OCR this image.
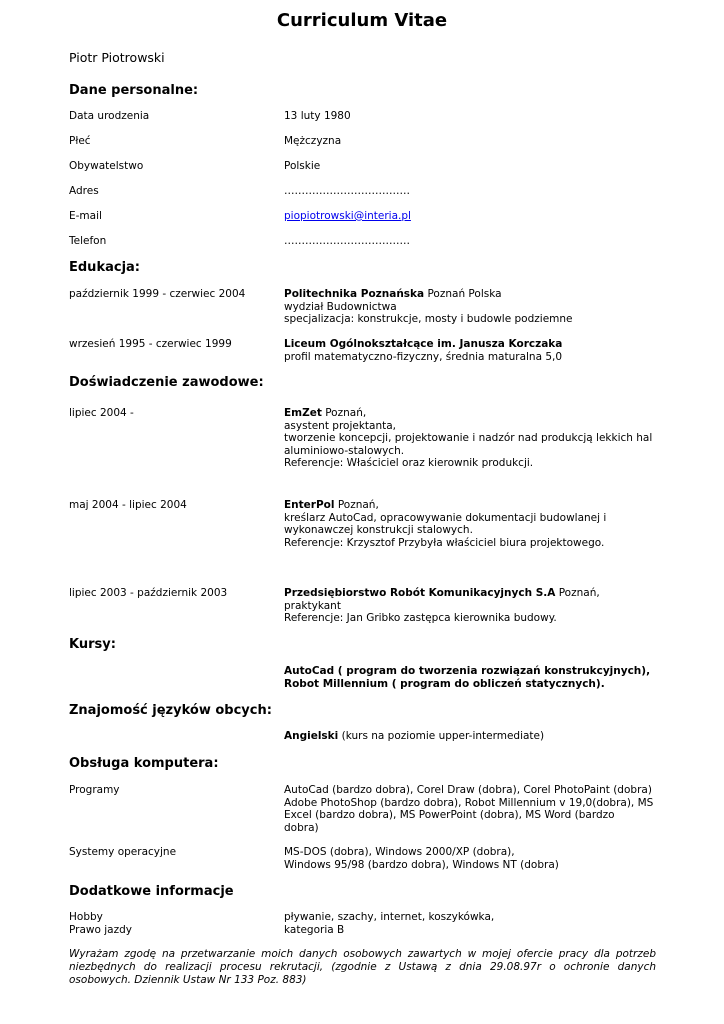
Curriculum Vitae
Piotr Piotrowski
Dane personalne:
Data urodzenia	13 luty 1980
Płeć	Mężczyzna
Obywatelstwo	Polskie
Adres	………………………………
E-mail	piopiotrowski@interia.pl
Telefon	………………………………
Edukacja:
październik 1999 - czerwiec 2004	Politechnika Poznańska Poznań Polska
wydział Budownictwa
specjalizacja: konstrukcje, mosty i budowle podziemne
wrzesień 1995 - czerwiec 1999	Liceum Ogólnokształcące im. Janusza Korczaka
profil matematyczno-fizyczny, średnia maturalna 5,0
Doświadczenie zawodowe:
lipiec 2004 -	EmZet Poznań,
asystent projektanta,
tworzenie koncepcji, projektowanie i nadzór nad produkcją lekkich hal
aluminiowo-stalowych.
Referencje: Właściciel oraz kierownik produkcji.
maj 2004 - lipiec 2004	EnterPol Poznań,
kreślarz AutoCad, opracowywanie dokumentacji budowlanej i
wykonawczej konstrukcji stalowych.
Referencje: Krzysztof Przybyła właściciel biura projektowego.
lipiec 2003 - październik 2003	Przedsiębiorstwo Robót Komunikacyjnych S.A Poznań,
praktykant
Referencje: Jan Gribko zastępca kierownika budowy.
Kursy:
AutoCad ( program do tworzenia rozwiązań konstrukcyjnych),
Robot Millennium ( program do obliczeń statycznych).
Znajomość języków obcych:
Angielski (kurs na poziomie upper-intermediate)
Obsługa komputera:
Programy	AutoCad (bardzo dobra), Corel Draw (dobra), Corel PhotoPaint (dobra)
Adobe PhotoShop (bardzo dobra), Robot Millennium v 19,0(dobra), MS
Excel (bardzo dobra), MS PowerPoint (dobra), MS Word (bardzo
dobra)
Systemy operacyjne	MS-DOS (dobra), Windows 2000/XP (dobra),
Windows 95/98 (bardzo dobra), Windows NT (dobra)
Dodatkowe informacje
Hobby	pływanie, szachy, internet, koszykówka,
Prawo jazdy	kategoria B
Wyrażam zgodę na przetwarzanie moich danych osobowych zawartych w mojej ofercie pracy dla potrzeb niezbędnych do realizacji procesu rekrutacji, (zgodnie z Ustawą z dnia 29.08.97r o ochronie danych osobowych. Dziennik Ustaw Nr 133 Poz. 883)
